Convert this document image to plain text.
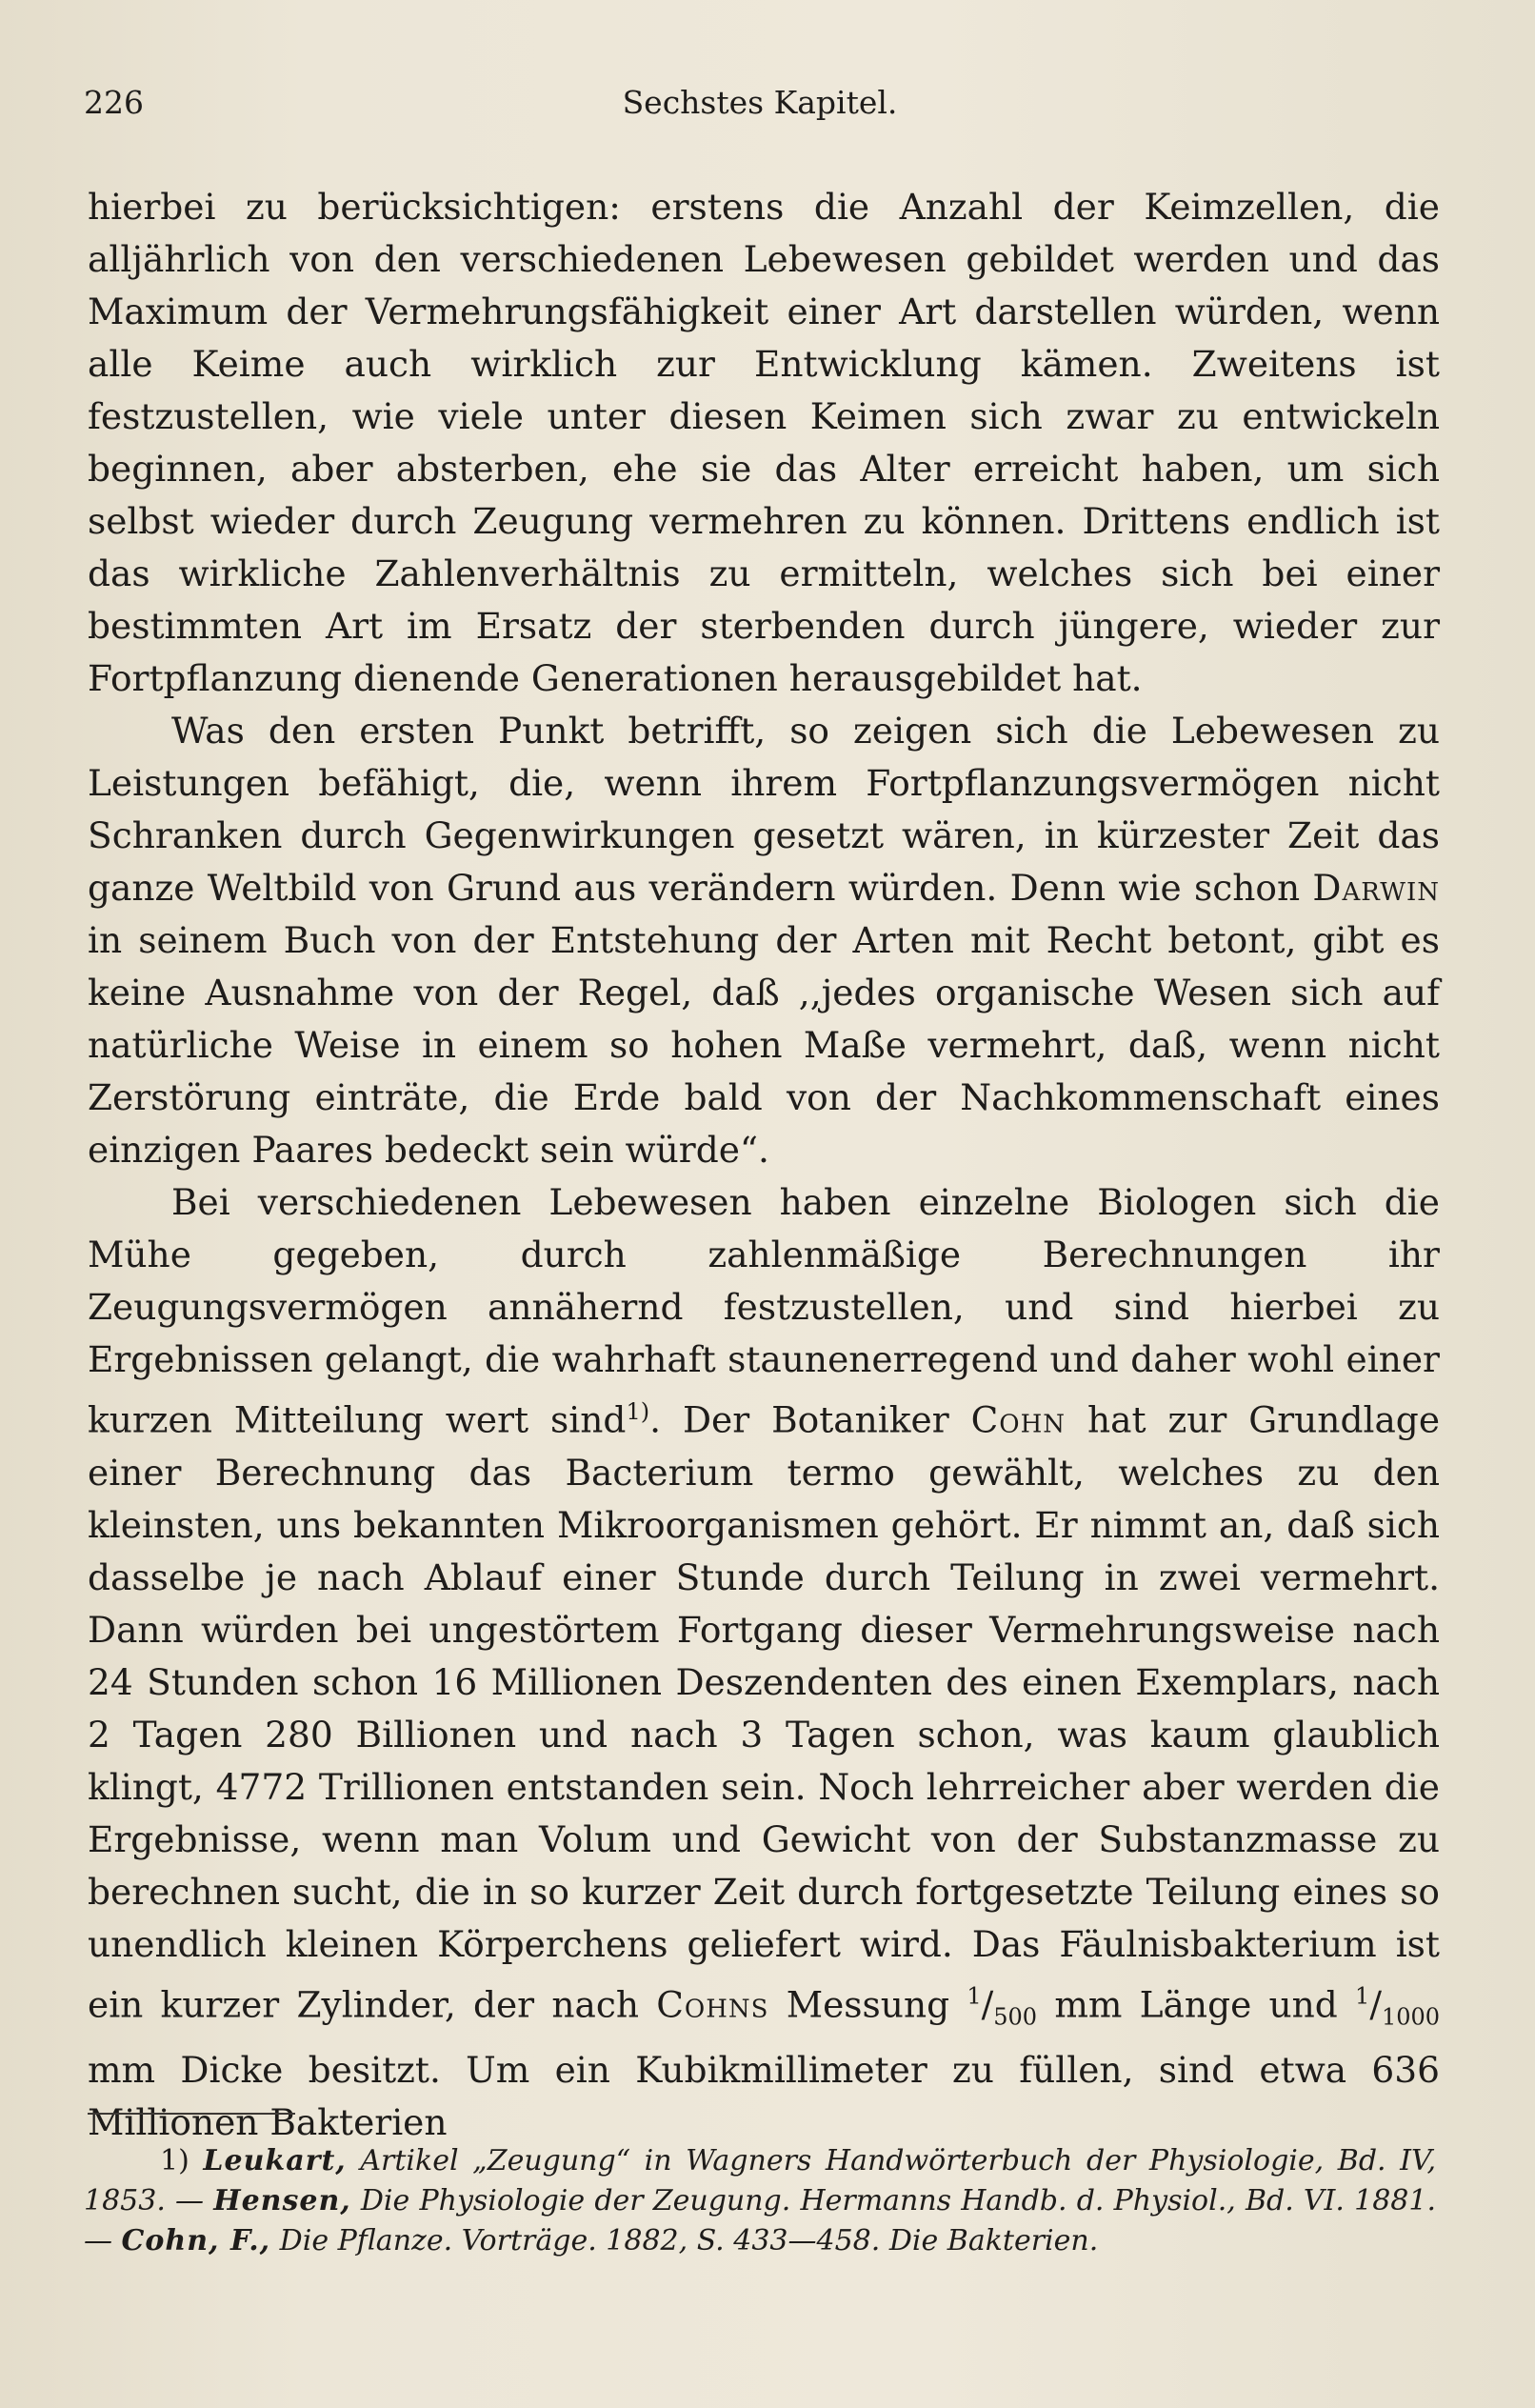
226	Sechstes Kapitel.

hierbei zu berücksichtigen: erstens die Anzahl der Keimzellen, die alljährlich von den verschiedenen Lebewesen gebildet werden und das Maximum der Vermehrungsfähigkeit einer Art darstellen würden, wenn alle Keime auch wirklich zur Entwicklung kämen. Zweitens ist festzustellen, wie viele unter diesen Keimen sich zwar zu entwickeln beginnen, aber absterben, ehe sie das Alter erreicht haben, um sich selbst wieder durch Zeugung vermehren zu können. Drittens endlich ist das wirkliche Zahlenverhältnis zu ermitteln, welches sich bei einer bestimmten Art im Ersatz der sterbenden durch jüngere, wieder zur Fortpflanzung dienende Generationen herausgebildet hat.

Was den ersten Punkt betrifft, so zeigen sich die Lebewesen zu Leistungen befähigt, die, wenn ihrem Fortpflanzungsvermögen nicht Schranken durch Gegenwirkungen gesetzt wären, in kürzester Zeit das ganze Weltbild von Grund aus verändern würden. Denn wie schon Darwin in seinem Buch von der Entstehung der Arten mit Recht betont, gibt es keine Ausnahme von der Regel, daß ,,jedes organische Wesen sich auf natürliche Weise in einem so hohen Maße vermehrt, daß, wenn nicht Zerstörung einträte, die Erde bald von der Nachkommenschaft eines einzigen Paares bedeckt sein würde“.

Bei verschiedenen Lebewesen haben einzelne Biologen sich die Mühe gegeben, durch zahlenmäßige Berechnungen ihr Zeugungsvermögen annähernd festzustellen, und sind hierbei zu Ergebnissen gelangt, die wahrhaft staunenerregend und daher wohl einer kurzen Mitteilung wert sind$^{1)}$. Der Botaniker Cohn hat zur Grundlage einer Berechnung das Bacterium termo gewählt, welches zu den kleinsten, uns bekannten Mikroorganismen gehört. Er nimmt an, daß sich dasselbe je nach Ablauf einer Stunde durch Teilung in zwei vermehrt. Dann würden bei ungestörtem Fortgang dieser Vermehrungsweise nach 24 Stunden schon 16 Millionen Deszendenten des einen Exemplars, nach 2 Tagen 280 Billionen und nach 3 Tagen schon, was kaum glaublich klingt, 4772 Trillionen entstanden sein. Noch lehrreicher aber werden die Ergebnisse, wenn man Volum und Gewicht von der Substanzmasse zu berechnen sucht, die in so kurzer Zeit durch fortgesetzte Teilung eines so unendlich kleinen Körperchens geliefert wird. Das Fäulnisbakterium ist ein kurzer Zylinder, der nach Cohns Messung $^1/_{500}$ mm Länge und $^1/_{1000}$ mm Dicke besitzt. Um ein Kubikmillimeter zu füllen, sind etwa 636 Millionen Bakterien

1) Leukart, Artikel „Zeugung“ in Wagners Handwörterbuch der Physiologie, Bd. IV, 1853. — Hensen, Die Physiologie der Zeugung. Hermanns Handb. d. Physiol., Bd. VI. 1881. — Cohn, F., Die Pflanze. Vorträge. 1882, S. 433—458. Die Bakterien.
